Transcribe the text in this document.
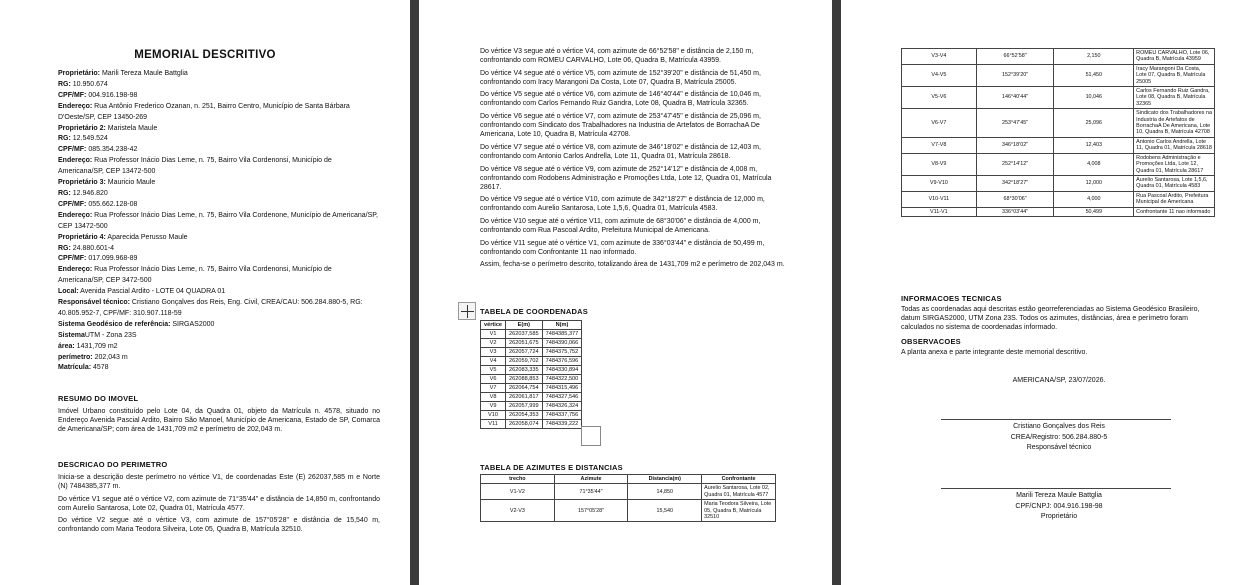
MEMORIAL DESCRITIVO
Proprietário: Marili Tereza Maule Battglia
RG: 10.950.674
CPF/MF: 004.916.198-98
Endereço: Rua Antônio Frederico Ozanan, n. 251, Bairro Centro, Município de Santa Bárbara D'Oeste/SP, CEP 13450-269
Proprietário 2: Maristela Maule
RG: 12.549.524
CPF/MF: 085.354.238-42
Endereço: Rua Professor Inácio Dias Leme, n. 75, Bairro Vila Cordenonsi, Município de Americana/SP, CEP 13472-500
Proprietário 3: Mauricio Maule
RG: 12.946.820
CPF/MF: 055.662.128-08
Endereço: Rua Professor Inácio Dias Leme, n. 75, Bairro Vila Cordenone, Município de Americana/SP, CEP 13472-500
Proprietário 4: Aparecida Perusso Maule
RG: 24.880.601-4
CPF/MF: 017.099.968-89
Endereço: Rua Professor Inácio Dias Leme, n. 75, Bairro Vila Cordenonsi, Município de Americana/SP, CEP 3472-500
Local: Avenida Pascial Ardito - LOTE 04 QUADRA 01
Responsável técnico: Cristiano Gonçalves dos Reis, Eng. Civil, CREA/CAU: 506.284.880-5, RG: 40.805.952-7, CPF/MF: 310.907.118-59
Sistema Geodésico de referência: SIRGAS2000
SistemaUTM - Zona 23S
área: 1431,709 m2
perímetro: 202,043 m
Matrícula: 4578
RESUMO DO IMOVEL

Imóvel Urbano constituído pelo Lote 04, da Quadra 01, objeto da Matrícula n. 4578, situado no Endereço Avenida Pascial Ardito, Bairro São Manoel, Município de Americana, Estado de SP, Comarca de Americana/SP; com área de 1431,709 m2 e perímetro de 202,043 m.

DESCRICAO DO PERIMETRO

Inicia-se a descrição deste perímetro no vértice V1, de coordenadas Este (E) 262037,585 m e Norte (N) 7484385,377 m.

Do vértice V1 segue até o vértice V2, com azimute de 71°35'44" e distância de 14,850 m, confrontando com Aurelio Santarosa, Lote 02, Quadra 01, Matrícula 4577.

Do vértice V2 segue até o vértice V3, com azimute de 157°05'28" e distância de 15,540 m, confrontando com Maria Teodora Silveira, Lote 05, Quadra B, Matrícula 32510.

Do vértice V3 segue até o vértice V4, com azimute de 66°52'58" e distância de 2,150 m, confrontando com ROMEU CARVALHO, Lote 06, Quadra B, Matrícula 43959.

Do vértice V4 segue até o vértice V5, com azimute de 152°39'20" e distância de 51,450 m, confrontando com Iracy Marangoni Da Costa, Lote 07, Quadra B, Matrícula 25005.

Do vértice V5 segue até o vértice V6, com azimute de 146°40'44" e distância de 10,046 m, confrontando com Carlos Fernando Ruiz Gandra, Lote 08, Quadra B, Matrícula 32365.

Do vértice V6 segue até o vértice V7, com azimute de 253°47'45" e distância de 25,096 m, confrontando com Sindicato dos Trabalhadores na Industria de Artefatos de BorrachaA De Americana, Lote 10, Quadra B, Matrícula 42708.

Do vértice V7 segue até o vértice V8, com azimute de 346°18'02" e distância de 12,403 m, confrontando com Antonio Carlos Andrella, Lote 11, Quadra 01, Matrícula 28618.

Do vértice V8 segue até o vértice V9, com azimute de 252°14'12" e distância de 4,008 m, confrontando com Rodobens Administração e Promoções Ltda, Lote 12, Quadra 01, Matrícula 28617.

Do vértice V9 segue até o vértice V10, com azimute de 342°18'27" e distância de 12,000 m, confrontando com Aurelio Santarosa, Lote 1,5,6, Quadra 01, Matrícula 4583.

Do vértice V10 segue até o vértice V11, com azimute de 68°30'06" e distância de 4,000 m, confrontando com Rua Pascoal Ardito, Prefeitura Municipal de Americana.

Do vértice V11 segue até o vértice V1, com azimute de 336°03'44" e distância de 50,499 m, confrontando com Confrontante 11 nao informado.

Assim, fecha-se o perímetro descrito, totalizando área de 1431,709 m2 e perímetro de 202,043 m.

TABELA DE COORDENADAS
vértice	E(m)	N(m)
V1	262037,585	7484385,377
V2	262051,675	7484390,066
V3	262057,724	7484375,752
V4	262059,702	7484376,596
V5	262083,335	7484330,894
V6	262088,853	7484322,500
V7	262064,754	7484315,496
V8	262061,817	7484327,546
V9	262057,999	7484326,324
V10	262054,353	7484337,756
V11	262058,074	7484339,222
TABELA DE AZIMUTES E DISTANCIAS
trecho	Azimute	Distancia(m)	Confrontante
V1-V2	71°35'44"	14,850	Aurelio Santarosa, Lote 02, Quadra 01, Matrícula 4577
V2-V3	157°05'28"	15,540	Maria Teodora Silveira, Lote 05, Quadra B, Matrícula 32510
V3-V4	66°52'58"	2,150	ROMEU CARVALHO, Lote 06, Quadra B, Matrícula 43959
V4-V5	152°39'20"	51,450	Iracy Marangoni Da Costa, Lote 07, Quadra B, Matrícula 25005
V5-V6	146°40'44"	10,046	Carlos Fernando Ruiz Gandra, Lote 08, Quadra B, Matrícula 32365
V6-V7	253°47'45"	25,096	Sindicato dos Trabalhadores na Industria de Artefatos de BorrachaA De Americana, Lote 10, Quadra B, Matrícula 42708
V7-V8	346°18'02"	12,403	Antonio Carlos Andrella, Lote 11, Quadra 01, Matrícula 28618
V8-V9	252°14'12"	4,008	Rodobens Administração e Promoções Ltda, Lote 12, Quadra 01, Matrícula 28617
V9-V10	342°18'27"	12,000	Aurelio Santarosa, Lote 1,5,6, Quadra 01, Matrícula 4583
V10-V11	68°30'06"	4,000	Rua Pascoal Ardito, Prefeitura Municipal de Americana
V11-V1	336°03'44"	50,499	Confrontante 11 nao informado
INFORMACOES TECNICAS

Todas as coordenadas aqui descritas estão georreferenciadas ao Sistema Geodésico Brasileiro, datum SIRGAS2000, UTM Zona 23S. Todos os azimutes, distâncias, área e perímetro foram calculados no sistema de coordenadas informado.

OBSERVACOES

A planta anexa e parte integrante deste memorial descritivo.

AMERICANA/SP, 23/07/2026.
Cristiano Gonçalves dos Reis
CREA/Registro: 506.284.880-5
Responsável técnico
Marili Tereza Maule Battglia
CPF/CNPJ: 004.916.198-98
Proprietário
